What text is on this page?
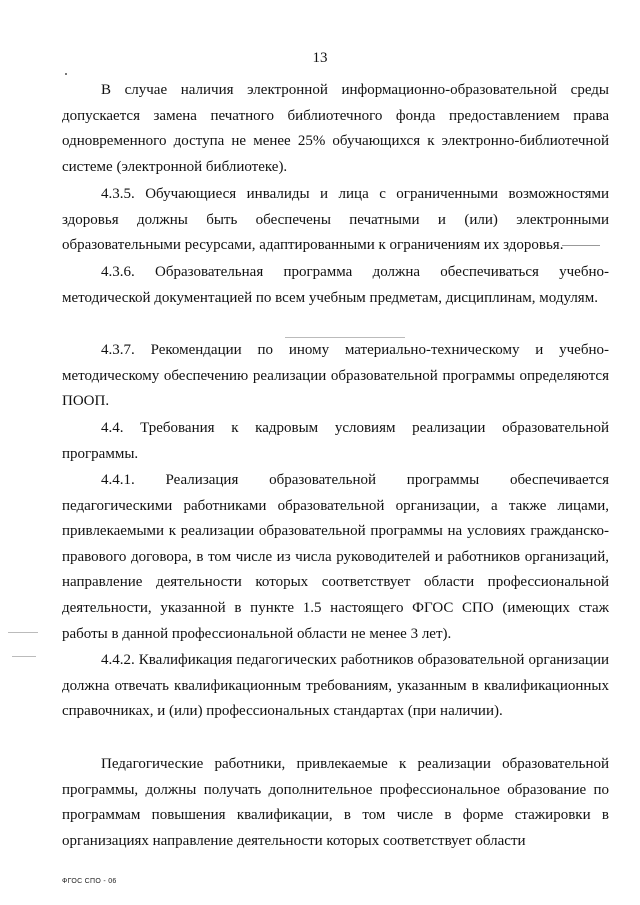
13

В случае наличия электронной информационно-образовательной среды допускается замена печатного библиотечного фонда предоставлением права одновременного доступа не менее 25% обучающихся к электронно-библиотечной системе (электронной библиотеке).

4.3.5. Обучающиеся инвалиды и лица с ограниченными возможностями здоровья должны быть обеспечены печатными и (или) электронными образовательными ресурсами, адаптированными к ограничениям их здоровья.

4.3.6. Образовательная программа должна обеспечиваться учебно-методической документацией по всем учебным предметам, дисциплинам, модулям.

4.3.7. Рекомендации по иному материально-техническому и учебно-методическому обеспечению реализации образовательной программы определяются ПООП.

4.4. Требования к кадровым условиям реализации образовательной программы.

4.4.1. Реализация образовательной программы обеспечивается педагогическими работниками образовательной организации, а также лицами, привлекаемыми к реализации образовательной программы на условиях гражданско-правового договора, в том числе из числа руководителей и работников организаций, направление деятельности которых соответствует области профессиональной деятельности, указанной в пункте 1.5 настоящего ФГОС СПО (имеющих стаж работы в данной профессиональной области не менее 3 лет).

4.4.2. Квалификация педагогических работников образовательной организации должна отвечать квалификационным требованиям, указанным в квалификационных справочниках, и (или) профессиональных стандартах (при наличии).

Педагогические работники, привлекаемые к реализации образовательной программы, должны получать дополнительное профессиональное образование по программам повышения квалификации, в том числе в форме стажировки в организациях направление деятельности которых соответствует области

ФГОС СПО - 06
